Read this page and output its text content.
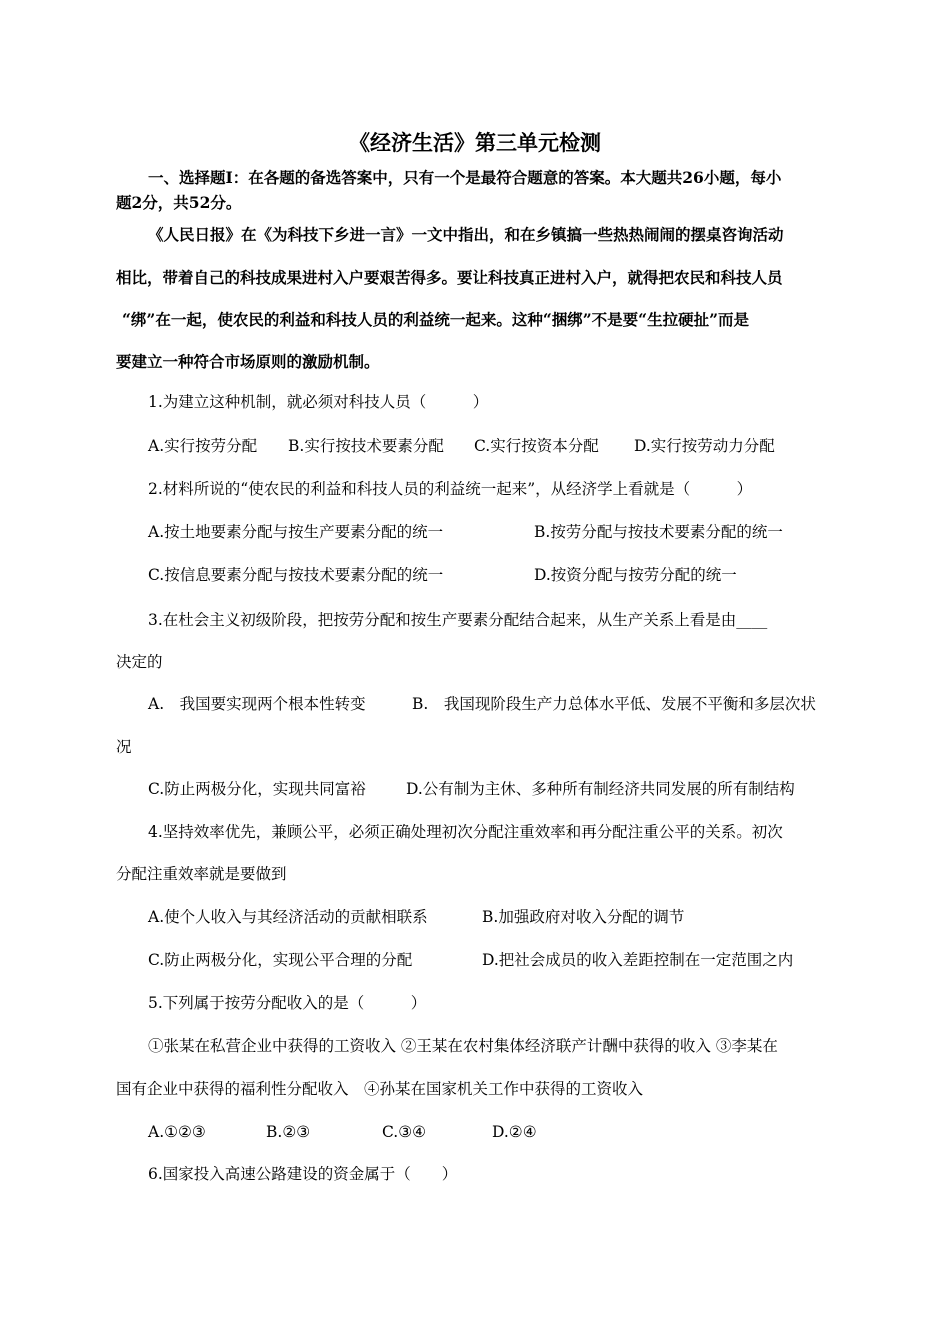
《经济生活》第三单元检测
一、选择题I：在各题的备选答案中，只有一个是最符合题意的答案。本大题共26小题，每小
题2分，共52分。
《人民日报》在《为科技下乡进一言》一文中指出，和在乡镇搞一些热热闹闹的摆桌咨询活动
相比，带着自己的科技成果进村入户要艰苦得多。要让科技真正进村入户，就得把农民和科技人员
“绑”在一起，使农民的利益和科技人员的利益统一起来。这种“捆绑”不是要“生拉硬扯”而是
要建立一种符合市场原则的激励机制。
1.为建立这种机制，就必须对科技人员（　　　）
A.实行按劳分配 B.实行按技术要素分配 C.实行按资本分配 D.实行按劳动力分配
2.材料所说的“使农民的利益和科技人员的利益统一起来”，从经济学上看就是（　　　）
A.按土地要素分配与按生产要素分配的统一	B.按劳分配与按技术要素分配的统一
C.按信息要素分配与按技术要素分配的统一	D.按资分配与按劳分配的统一
3.在杜会主义初级阶段，把按劳分配和按生产要素分配结合起来，从生产关系上看是由____
决定的
A.　我国要实现两个根本性转变	B.　我国现阶段生产力总体水平低、发展不平衡和多层次状
况
C.防止两极分化，实现共同富裕	D.公有制为主休、多种所有制经济共同发展的所有制结构
4.坚持效率优先，兼顾公平，必须正确处理初次分配注重效率和再分配注重公平的关系。初次
分配注重效率就是要做到
A.使个人收入与其经济活动的贡献相联系	B.加强政府对收入分配的调节
C.防止两极分化，实现公平合理的分配	D.把社会成员的收入差距控制在一定范围之内
5.下列属于按劳分配收入的是（　　　）
①张某在私营企业中获得的工资收入 ②王某在农村集体经济联产计酬中获得的收入 ③李某在
国有企业中获得的福利性分配收入　④孙某在国家机关工作中获得的工资收入
A.①②③	B.②③	C.③④	D.②④
6.国家投入高速公路建设的资金属于（　　）
